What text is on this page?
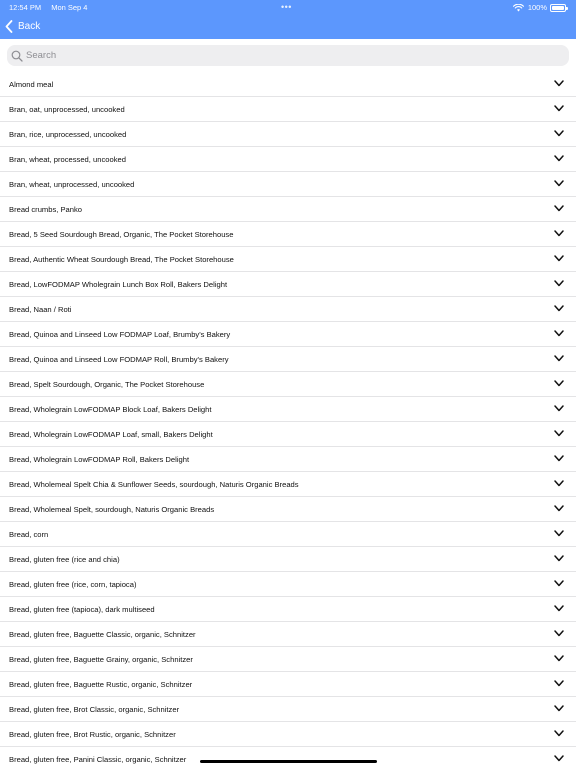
12:54 PM Mon Sep 4	•••	100%
Back
Search
Almond meal
Bran, oat, unprocessed, uncooked
Bran, rice, unprocessed, uncooked
Bran, wheat, processed, uncooked
Bran, wheat, unprocessed, uncooked
Bread crumbs, Panko
Bread, 5 Seed Sourdough Bread, Organic, The Pocket Storehouse
Bread, Authentic Wheat Sourdough Bread, The Pocket Storehouse
Bread, LowFODMAP Wholegrain Lunch Box Roll, Bakers Delight
Bread, Naan / Roti
Bread, Quinoa and Linseed Low FODMAP Loaf, Brumby's Bakery
Bread, Quinoa and Linseed Low FODMAP Roll, Brumby's Bakery
Bread, Spelt Sourdough, Organic, The Pocket Storehouse
Bread, Wholegrain LowFODMAP Block Loaf, Bakers Delight
Bread, Wholegrain LowFODMAP Loaf, small, Bakers Delight
Bread, Wholegrain LowFODMAP Roll, Bakers Delight
Bread, Wholemeal Spelt Chia & Sunflower Seeds, sourdough, Naturis Organic Breads
Bread, Wholemeal Spelt, sourdough, Naturis Organic Breads
Bread, corn
Bread, gluten free (rice and chia)
Bread, gluten free (rice, corn, tapioca)
Bread, gluten free (tapioca), dark multiseed
Bread, gluten free, Baguette Classic, organic, Schnitzer
Bread, gluten free, Baguette Grainy, organic, Schnitzer
Bread, gluten free, Baguette Rustic, organic, Schnitzer
Bread, gluten free, Brot Classic, organic, Schnitzer
Bread, gluten free, Brot Rustic, organic, Schnitzer
Bread, gluten free, Panini Classic, organic, Schnitzer
